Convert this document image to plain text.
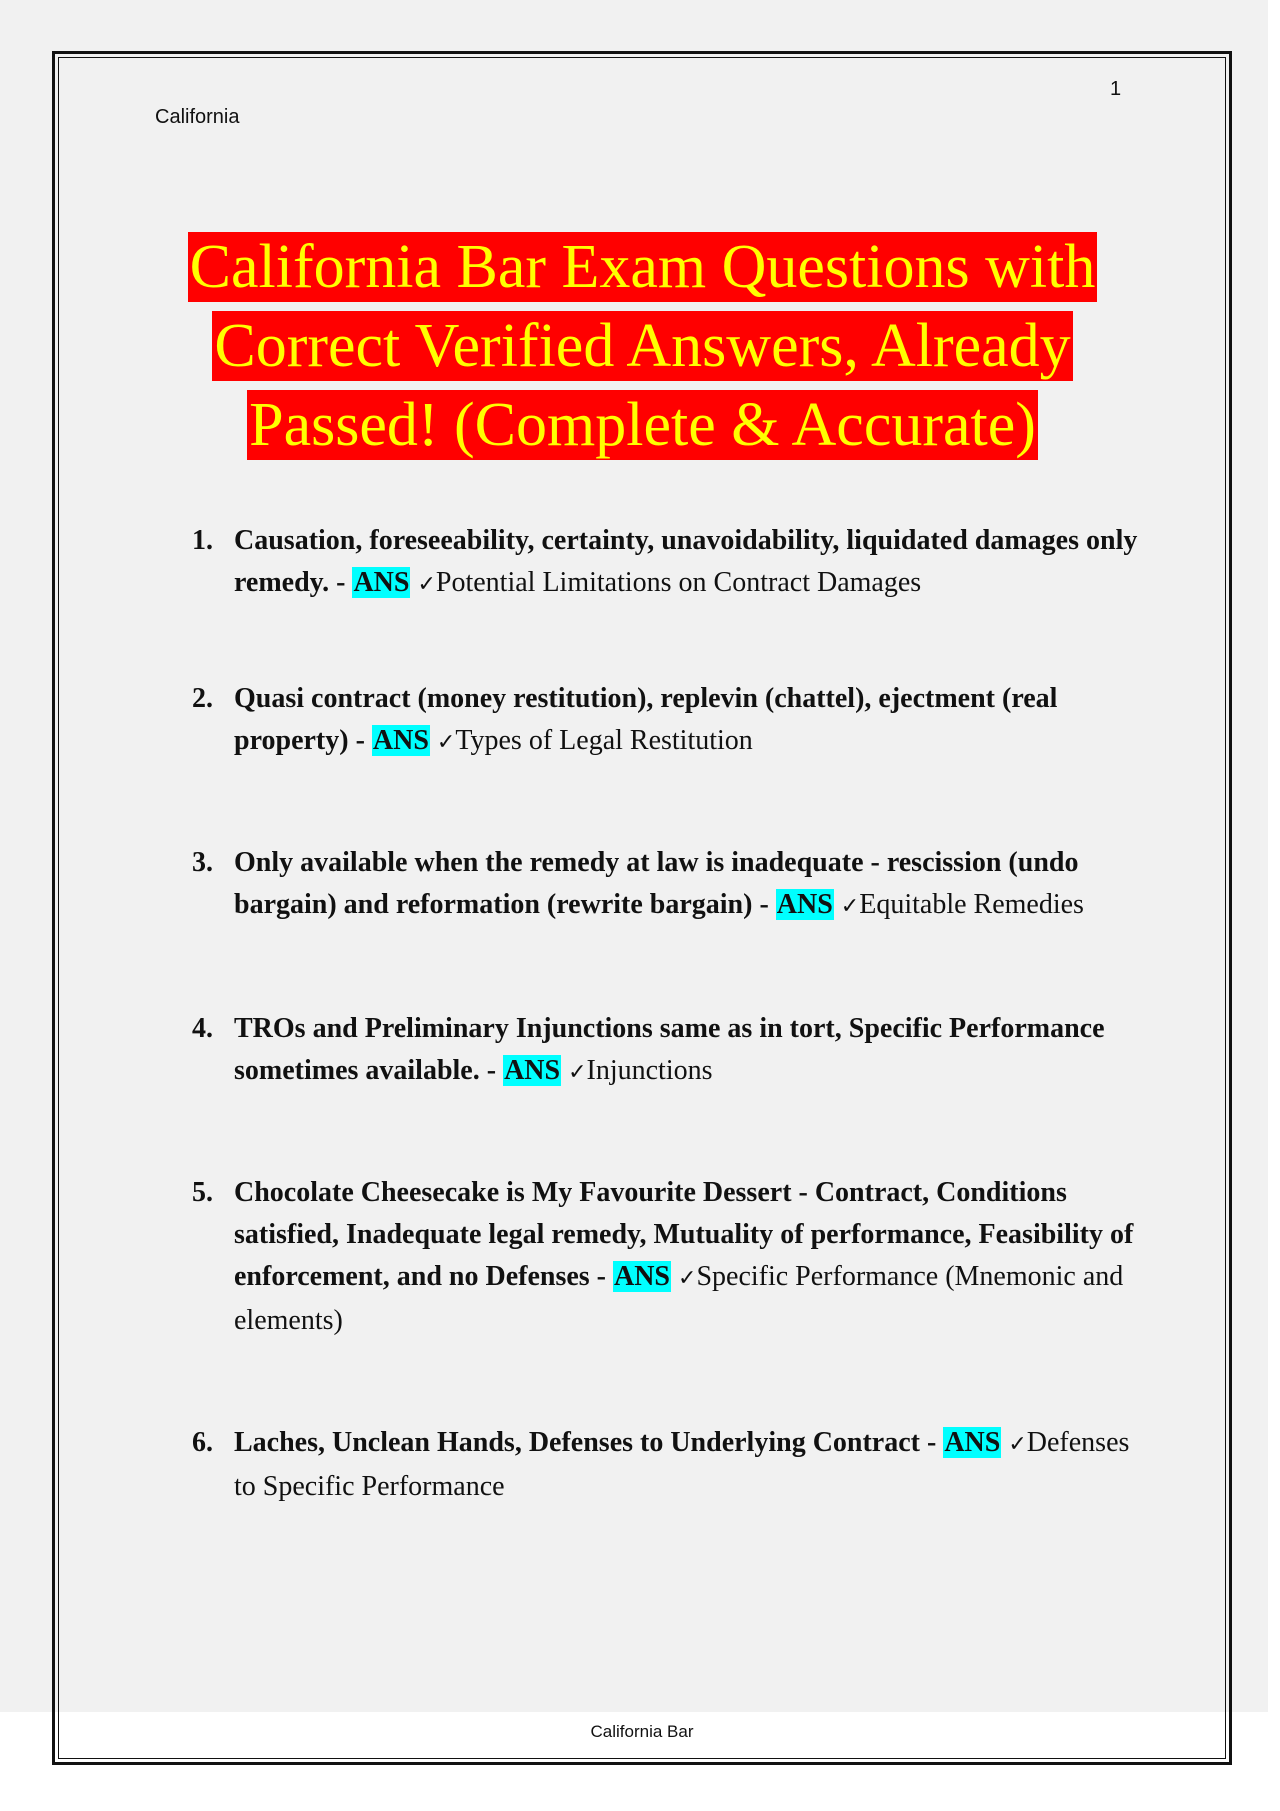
1
California
California Bar Exam Questions with
Correct Verified Answers, Already
Passed! (Complete & Accurate)
1. Causation, foreseeability, certainty, unavoidability, liquidated damages only remedy. - ANS ✓Potential Limitations on Contract Damages
2. Quasi contract (money restitution), replevin (chattel), ejectment (real property) - ANS ✓Types of Legal Restitution
3. Only available when the remedy at law is inadequate - rescission (undo bargain) and reformation (rewrite bargain) - ANS ✓Equitable Remedies
4. TROs and Preliminary Injunctions same as in tort, Specific Performance sometimes available. - ANS ✓Injunctions
5. Chocolate Cheesecake is My Favourite Dessert - Contract, Conditions satisfied, Inadequate legal remedy, Mutuality of performance, Feasibility of enforcement, and no Defenses - ANS ✓Specific Performance (Mnemonic and elements)
6. Laches, Unclean Hands, Defenses to Underlying Contract - ANS ✓Defenses to Specific Performance
California Bar
